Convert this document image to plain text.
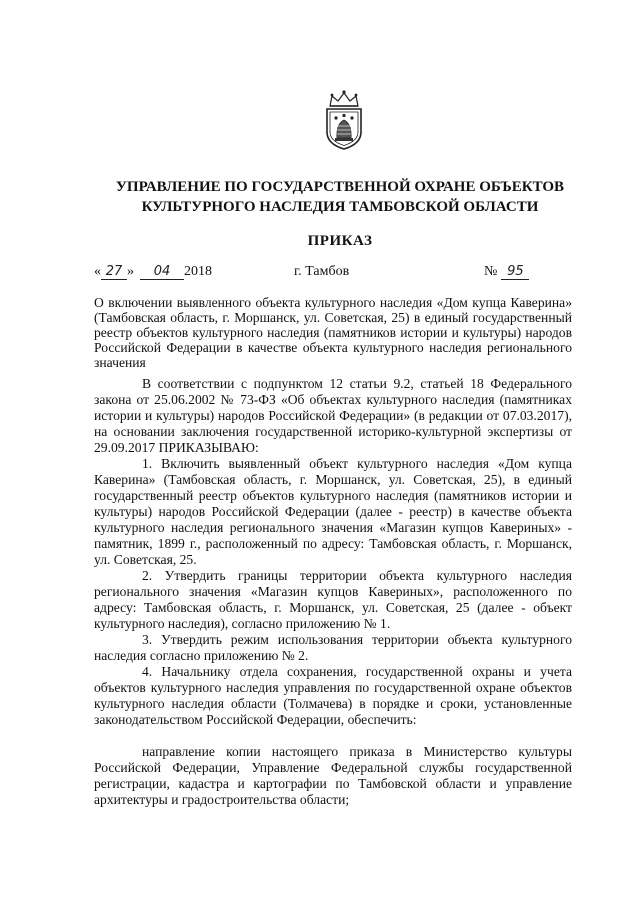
УПРАВЛЕНИЕ ПО ГОСУДАРСТВЕННОЙ ОХРАНЕ ОБЪЕКТОВ
КУЛЬТУРНОГО НАСЛЕДИЯ ТАМБОВСКОЙ ОБЛАСТИ
ПРИКАЗ
« 27 » 04 2018	г. Тамбов	№ 95
О включении выявленного объекта культурного наследия «Дом купца Каверина» (Тамбовская область, г. Моршанск, ул. Советская, 25) в единый государственный реестр объектов культурного наследия (памятников истории и культуры) народов Российской Федерации в качестве объекта культурного наследия регионального значения

В соответствии с подпунктом 12 статьи 9.2, статьей 18 Федерального закона от 25.06.2002 № 73-ФЗ «Об объектах культурного наследия (памятниках истории и культуры) народов Российской Федерации» (в редакции от 07.03.2017), на основании заключения государственной историко-культурной экспертизы от 29.09.2017 ПРИКАЗЫВАЮ:

1. Включить выявленный объект культурного наследия «Дом купца Каверина» (Тамбовская область, г. Моршанск, ул. Советская, 25), в единый государственный реестр объектов культурного наследия (памятников истории и культуры) народов Российской Федерации (далее - реестр) в качестве объекта культурного наследия регионального значения «Магазин купцов Кавериных» - памятник, 1899 г., расположенный по адресу: Тамбовская область, г. Моршанск, ул. Советская, 25.

2. Утвердить границы территории объекта культурного наследия регионального значения «Магазин купцов Кавериных», расположенного по адресу: Тамбовская область, г. Моршанск, ул. Советская, 25 (далее - объект культурного наследия), согласно приложению № 1.

3. Утвердить режим использования территории объекта культурного наследия согласно приложению № 2.

4. Начальнику отдела сохранения, государственной охраны и учета объектов культурного наследия управления по государственной охране объектов культурного наследия области (Толмачева) в порядке и сроки, установленные законодательством Российской Федерации, обеспечить:

направление копии настоящего приказа в Министерство культуры Российской Федерации, Управление Федеральной службы государственной регистрации, кадастра и картографии по Тамбовской области и управление архитектуры и градостроительства области;
